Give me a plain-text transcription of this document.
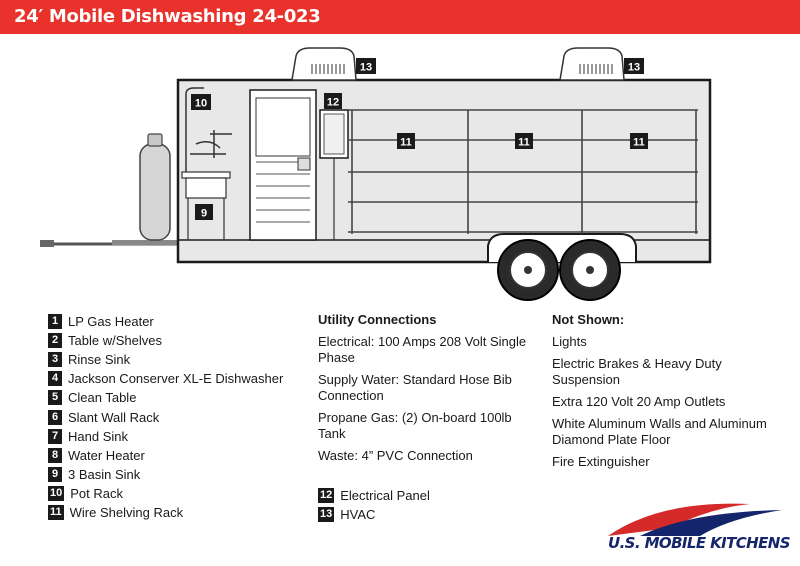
24′ Mobile Dishwashing 24-023
10	12
13	13
11	11	11
9
1 LP Gas Heater
2 Table w/Shelves
3 Rinse Sink
4 Jackson Conserver XL-E Dishwasher
5 Clean Table
6 Slant Wall Rack
7 Hand Sink
8 Water Heater
9 3 Basin Sink
10 Pot Rack
11 Wire Shelving Rack
Utility Connections
Electrical: 100 Amps 208 Volt Single Phase
Supply Water: Standard Hose Bib Connection
Propane Gas: (2) On-board 100lb Tank
Waste: 4” PVC Connection
12 Electrical Panel
13 HVAC
Not Shown:
Lights
Electric Brakes & Heavy Duty Suspension
Extra 120 Volt 20 Amp Outlets
White Aluminum Walls and Aluminum Diamond Plate Floor
Fire Extinguisher
U.S. MOBILE KITCHENS
